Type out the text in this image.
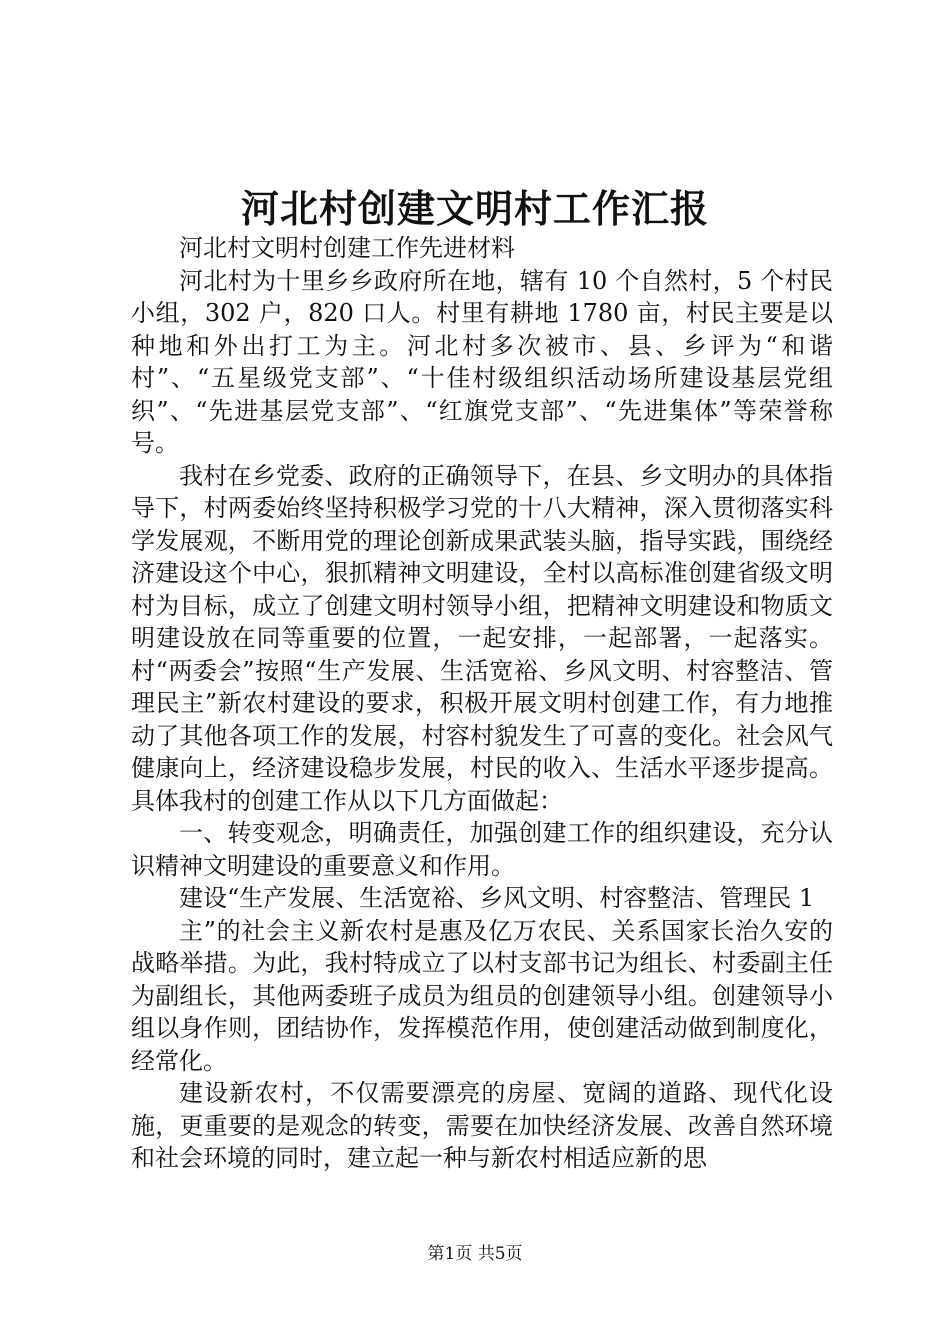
河北村创建文明村工作汇报

河北村文明村创建工作先进材料

河北村为十里乡乡政府所在地，辖有 10 个自然村，5 个村民小组，302 户，820 口人。村里有耕地 1780 亩，村民主要是以种地和外出打工为主。河北村多次被市、县、乡评为“和谐村”、“五星级党支部”、“十佳村级组织活动场所建设基层党组织”、“先进基层党支部”、“红旗党支部”、“先进集体”等荣誉称号。

我村在乡党委、政府的正确领导下，在县、乡文明办的具体指导下，村两委始终坚持积极学习党的十八大精神，深入贯彻落实科学发展观，不断用党的理论创新成果武装头脑，指导实践，围绕经济建设这个中心，狠抓精神文明建设，全村以高标准创建省级文明村为目标，成立了创建文明村领导小组，把精神文明建设和物质文明建设放在同等重要的位置，一起安排，一起部署，一起落实。村“两委会”按照“生产发展、生活宽裕、乡风文明、村容整洁、管理民主”新农村建设的要求，积极开展文明村创建工作，有力地推动了其他各项工作的发展，村容村貌发生了可喜的变化。社会风气健康向上，经济建设稳步发展，村民的收入、生活水平逐步提高。具体我村的创建工作从以下几方面做起：

一、转变观念，明确责任，加强创建工作的组织建设，充分认识精神文明建设的重要意义和作用。

建设“生产发展、生活宽裕、乡风文明、村容整洁、管理民 1

主”的社会主义新农村是惠及亿万农民、关系国家长治久安的战略举措。为此，我村特成立了以村支部书记为组长、村委副主任为副组长，其他两委班子成员为组员的创建领导小组。创建领导小组以身作则，团结协作，发挥模范作用，使创建活动做到制度化，经常化。

建设新农村，不仅需要漂亮的房屋、宽阔的道路、现代化设施，更重要的是观念的转变，需要在加快经济发展、改善自然环境和社会环境的同时，建立起一种与新农村相适应新的思

第1页 共5页
